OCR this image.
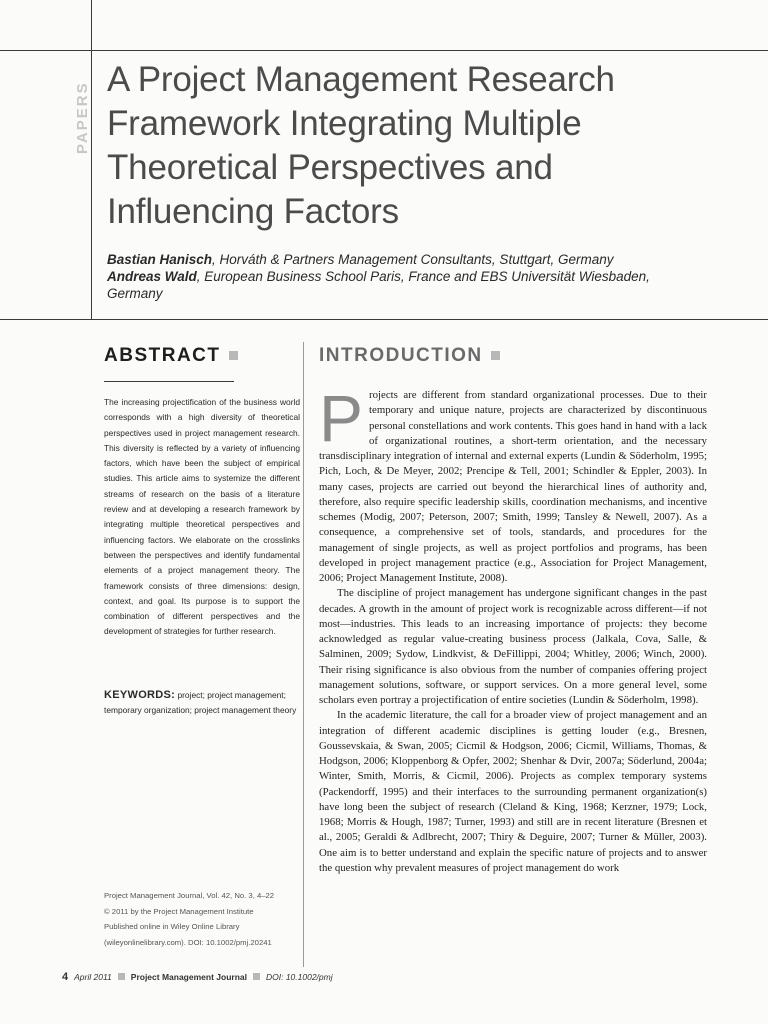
PAPERS
A Project Management Research Framework Integrating Multiple Theoretical Perspectives and Influencing Factors
Bastian Hanisch, Horváth & Partners Management Consultants, Stuttgart, Germany
Andreas Wald, European Business School Paris, France and EBS Universität Wiesbaden,
Germany
ABSTRACT
The increasing projectification of the business world corresponds with a high diversity of theoretical perspectives used in project management research. This diversity is reflected by a variety of influencing factors, which have been the subject of empirical studies. This article aims to systemize the different streams of research on the basis of a literature review and at developing a research framework by integrating multiple theoretical perspectives and influencing factors. We elaborate on the crosslinks between the perspectives and identify fundamental elements of a project management theory. The framework consists of three dimensions: design, context, and goal. Its purpose is to support the combination of different perspectives and the development of strategies for further research.
KEYWORDS: project; project management; temporary organization; project management theory
Project Management Journal, Vol. 42, No. 3, 4–22
© 2011 by the Project Management Institute
Published online in Wiley Online Library
(wileyonlinelibrary.com). DOI: 10.1002/pmj.20241
INTRODUCTION

Projects are different from standard organizational processes. Due to their temporary and unique nature, projects are characterized by discontinuous personal constellations and work contents. This goes hand in hand with a lack of organizational routines, a short-term orientation, and the necessary transdisciplinary integration of internal and external experts (Lundin & Söderholm, 1995; Pich, Loch, & De Meyer, 2002; Prencipe & Tell, 2001; Schindler & Eppler, 2003). In many cases, projects are carried out beyond the hierarchical lines of authority and, therefore, also require specific leadership skills, coordination mechanisms, and incentive schemes (Modig, 2007; Peterson, 2007; Smith, 1999; Tansley & Newell, 2007). As a consequence, a comprehensive set of tools, standards, and procedures for the management of single projects, as well as project portfolios and programs, has been developed in project management practice (e.g., Association for Project Management, 2006; Project Management Institute, 2008).

The discipline of project management has undergone significant changes in the past decades. A growth in the amount of project work is recognizable across different—if not most—industries. This leads to an increasing importance of projects: they become acknowledged as regular value-creating business process (Jalkala, Cova, Salle, & Salminen, 2009; Sydow, Lindkvist, & DeFillippi, 2004; Whitley, 2006; Winch, 2000). Their rising significance is also obvious from the number of companies offering project management solutions, software, or support services. On a more general level, some scholars even portray a projectification of entire societies (Lundin & Söderholm, 1998).

In the academic literature, the call for a broader view of project management and an integration of different academic disciplines is getting louder (e.g., Bresnen, Goussevskaia, & Swan, 2005; Cicmil & Hodgson, 2006; Cicmil, Williams, Thomas, & Hodgson, 2006; Kloppenborg & Opfer, 2002; Shenhar & Dvir, 2007a; Söderlund, 2004a; Winter, Smith, Morris, & Cicmil, 2006). Projects as complex temporary systems (Packendorff, 1995) and their interfaces to the surrounding permanent organization(s) have long been the subject of research (Cleland & King, 1968; Kerzner, 1979; Lock, 1968; Morris & Hough, 1987; Turner, 1993) and still are in recent literature (Bresnen et al., 2005; Geraldi & Adlbrecht, 2007; Thiry & Deguire, 2007; Turner & Müller, 2003). One aim is to better understand and explain the specific nature of projects and to answer the question why prevalent measures of project management do work

4 April 2011 Project Management Journal DOI: 10.1002/pmj
